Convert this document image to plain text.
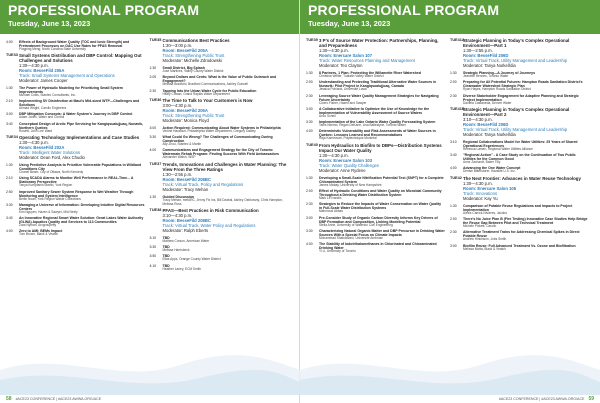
PROFESSIONAL PROGRAM
Tuesday, June 13, 2023
4:00	Effects of Background Water Quality (TOC and Ionic Strength) and Pretreatment Processes on GAC Use Rates for PFAS Removal
Pingping Meng, North Carolina State University
TUE33 Small Systems Distribution and DBP Control: Mapping Out Challenges and Solutions
1:30—4:30 p.m.
Room: BesseFild 205A
Track: Small Systems Management and Operations
Moderator: James Cooper
1:30	The Power of Hydraulic Modeling for Prioritizing Small System Improvements
Michael Collis, Stantec Consultants, Inc.
2:10	Implementing SV Disinfection at Maui's Mid-sized WTP—Challenges and Solutions
Ahmad Wright, Carollo Engineers
3:00	DBP Mitigation Concepts: A Water System's Journey in DBP Control
Adam Jones, Water and Control
3:40	Conceptual Design of Arctic Pipe Servicing for Kangiqsualujjuaq, Nunavik, Northern Quebec
Rosetti, John Lee Ward
TUE34 Operating Technology Implementations and Case Studies
1:30—4:30 p.m.
Room: BesseFild 202A
Track: Intelligent Water Solutions
Moderator: Dean Ford, Alex Chudio
1:30	Using Predictive Analysis to Prioritize Vulnerable Populations in Wildland Conditions City
Chanel Beam, City of Ottawa, North Kennedy
2:10	Using SCADA Alarms to Monitor Well Performance in REAL-Time... A Stationary Perspective
Tanya Kumpfanin Martin, York Region
2:50	Improved Sanitary Sewer System Response to Wet Weather Through Monitoring and System Intelligence
Berlin Noah, York Region Waste Collections
3:30	Managing a Universe of Information: Developing Intuitive Digital Resources Centers
Kim Nguyen, Hazen & Sawyer, Mid Neely
3:40	An Innovative Regional Smart Water Solution: Great Lakes Water Authority (GLWA) Aquatics Quality and Services to 113 Communities
Zara Nyman, Arcgroupeffy
4:00	Zero to AMI: BEMs Impact
Tom Brown, Black & Veatch
TUE35 Communications Best Practices
1:30—3:00 p.m.
Room: BesseFild 205A
Track: Strengthening Public Trust
Moderator: Michelle Zdrodowski
1:30	Small District, Big Splash
Jose Martinez, Valley County Water District
2:05	Beyond Dollars and Cents: What is the Value of Public Outreach and Engagement?
Melissa Bradford, Bradford Communications, Ashley Gunsell
2:30	Tapping Into the Urban Water Cycle for Public Education
Hilary Cowan, Grand Rapids Water Department
TUE36 The Time to Talk to Your Customers is Now
3:00—4:30 p.m.
Room: BesseFild 205A
Track: Strengthening Public Trust
Moderator: Monica Floyd
3:00	Action Required: Communicating About Water Systems in Philadelphia
Verline Haradzzi, Philadelphia Water Department, Gregory Oakley
3:30	What Could Go Wrong? The Challenges of Communicating During Construction
Ally Zhou, Stantec & Martin
4:00	Communications and Engagement Strategy for the City of Toronto Watermain Rehab Program: Finding Success With Field Ambassadors
Alexander Walsh, WSP
TUE37 Trends, Innovations and Challenges in Water Planning: The View From the Three Ratings
1:30—2:55 p.m.
Room: BesseFild 208BC
Track: Virtual Track, Policy and Regulations
Moderator: Tracy Mehan
1:30	Guided Discussion
Tracy Mehan, mefARC, Jenny Fix Ins, Bill Dzabal, Ashley Ostrkowny, Chris Hampton, Melissa Ross
TUE38 PFAS—Best Practices in Risk Communication
3:10—4:30 p.m.
Room: BesseFild 208BC
Track: Virtual Track, Water Policy and Regulations
Moderator: Ralph Eberts
3:10	TBD
Mathew Corson, American Water
3:30	TBD
Melissa Harrisbeck
3:50	TBD
Elias Apps, Orange County Water District
4:10	TBD
Heather Laney, ECM Smith
58 #ACE23 CONFERENCE | #ACE23 AWWA.ORG/ACE
PROFESSIONAL PROGRAM
Tuesday, June 13, 2023
TUE39 3 P's of Source Water Protection: Partnerships, Planning, and Preparedness
1:30—4:30 p.m.
Room: Enercare Salon 107
Track: Water Resources Planning and Management
Moderator: Teo Clayton
1:30	8 Partners, 1 Plan: Protecting the Willamette River Watershed
Christina Welter, Tualatin Valley Water District
2:00	Understanding and Protecting Traditional Alternative Water Sources in Nunavik: Pilot Project in Kangiqsualujjuaq, Canada
Jessica Pohland, Université Laval
2:30	Leveraging Source Water Quality Management Strategies for Navigating Future Uncertainty
Cicero Fisher, Hazen and Sawyer
3:00	A Collaborative Initiative to Optimize the Use of Knowledge for the Implementation of Vulnerability Assessment of Source Waters
Acco Scheil
3:30	Implementation of the Lake Ontario Water Quality Forecasting System
Tanis Nimmo, Regan DeKane, Lisa Ballestyne, Toronto Water
4:00	Deterministic Vulnerability and Risk Assessments of Water Sources in Quebec: Lessons Learned and Recommendations
Raja Kamirovari, Polytechnique Montréal
TUE40 From Hydraulics to Biofilm to DBPs—Distribution Systems Impact Our Water Quality
1:30—4:30 p.m.
Room: Enercare Salon 103
Track: Water Quality Challenges
Moderator: Anne Rydene
1:30	Developing a Small-Scale Nitrification Potential Test (SNPT) for a Complete Chloraminated System
James Mabay, University of New Hampshire
2:00	Effect of Hydraulic Conditions and Water Quality on Microbial Community Throughout a Drinking Water Distribution System
Mark Le Ivandic
2:30	Strategies to Reduce the Impacts of Water Conservation on Water Quality in Full-Scale Water Distribution Systems
Mahmoud Abbas
3:00	Pre-Consider Study of Organic Carbon Diversity Informs Key Drivers of DBP Formation and Composition, Linking Modeling Potential
Stella Anne, University of Waterloo Civil Engineering
3:30	Characterizing Natural Organic Matter and DBP Precursor in Drinking Water Sources With a Special Focus on Climate Impacts
Mohammad Shahdavani, Université Ambrose
4:00	The Stability of Iodotrihalomethanes in Chlorinated and Chloraminated Drinking Water
Yi Li, University of Toronto
TUE41A
Strategic Planning in Today's Complex Operational Environment—Part 1
1:30—2:55 p.m.
Room: BesseFild 206D
Track: Virtual Track, Utility Management and Leadership
Moderator: Tanya Nurkeñdia
1:30	Strategic Planning—A Journey of Journeys
Jeanelle Hennes, Toronto Water
2:00	Preparing for All Potential Futures: Hampton Roads Sanitation District's Cleanwater Watershed Strategic Plan
Ryan Hayes, Hampton Roads Sanitation District
2:30	Diverse Stakeholder Engagement for Adaptive Planning and Strategic Project Implementation
Daniela Castaneda, Denver Water
TUE41B
Strategic Planning in Today's Complex Operational Environment—Part 2
3:10—4:30 p.m.
Room: BesseFild 206D
Track: Virtual Track, Utility Management and Leadership
Moderator: Tanya Nurkeñdia
3:10	Regional Collaborations Model for Water Utilities: 25 Years of Shared Operational Experiences
Rebecca Larsen, Regional Water Utilities Alliance
3:40	"Regional Action" - A Case Study on the Continuation of Two Public Utilities for the Common Good
Anne Zachardt, Baker Tilly
4:00	Advancing the One Water Concept
Denise Bittendorer, Hazalite U.S. Inc.
TUE42 The Next Frontier: Advances in Water Reuse Technology
1:30—4:30 p.m.
Room: Enercare Salon 105
Track: Innovations
Moderator: Kay Yu
1:30	Comparison of Potable Reuse Regulations and Impacts to Project Implementation
Alexis Carrick-Nivieres, Jacobs
2:00	There's No Juice Plan B (Fire Testing) Innovative Case Studies Help Bridge the Reuse Gap Between Pilot and Technical Treatment
Michele Pickett, Carollo
2:30	Alternative Treatment Trains for Addressing Chemical Spikes in Direct Potable Reuse
Andrew Hinkinson, Jobs Smith
3:00	Biofilm Reuse: Full Advanced Treatment Vs. Ozone and Biofiltration
Melissa Motta, Black & Veatch
#ACE23 CONFERENCE | #ACE23 AWWA.ORG/ACE 59
